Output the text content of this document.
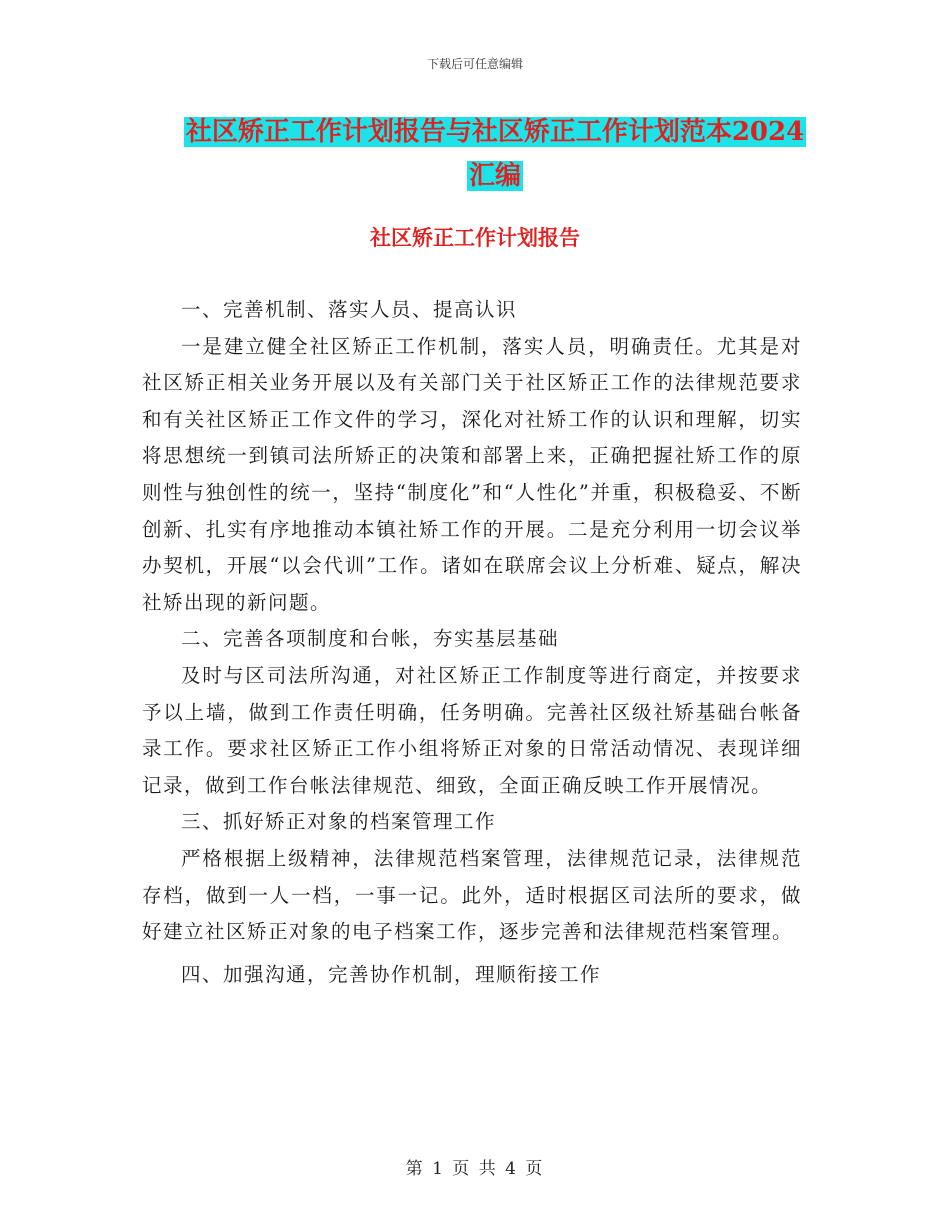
下载后可任意编辑
社区矫正工作计划报告与社区矫正工作计划范本2024
汇编
社区矫正工作计划报告

一、完善机制、落实人员、提高认识

一是建立健全社区矫正工作机制，落实人员，明确责任。尤其是对社区矫正相关业务开展以及有关部门关于社区矫正工作的法律规范要求和有关社区矫正工作文件的学习，深化对社矫工作的认识和理解，切实将思想统一到镇司法所矫正的决策和部署上来，正确把握社矫工作的原则性与独创性的统一，坚持“制度化”和“人性化”并重，积极稳妥、不断创新、扎实有序地推动本镇社矫工作的开展。二是充分利用一切会议举办契机，开展“以会代训”工作。诸如在联席会议上分析难、疑点，解决社矫出现的新问题。

二、完善各项制度和台帐，夯实基层基础

及时与区司法所沟通，对社区矫正工作制度等进行商定，并按要求予以上墙，做到工作责任明确，任务明确。完善社区级社矫基础台帐备录工作。要求社区矫正工作小组将矫正对象的日常活动情况、表现详细记录，做到工作台帐法律规范、细致，全面正确反映工作开展情况。

三、抓好矫正对象的档案管理工作

严格根据上级精神，法律规范档案管理，法律规范记录，法律规范存档，做到一人一档，一事一记。此外，适时根据区司法所的要求，做好建立社区矫正对象的电子档案工作，逐步完善和法律规范档案管理。

四、加强沟通，完善协作机制，理顺衔接工作

第 1 页 共 4 页
